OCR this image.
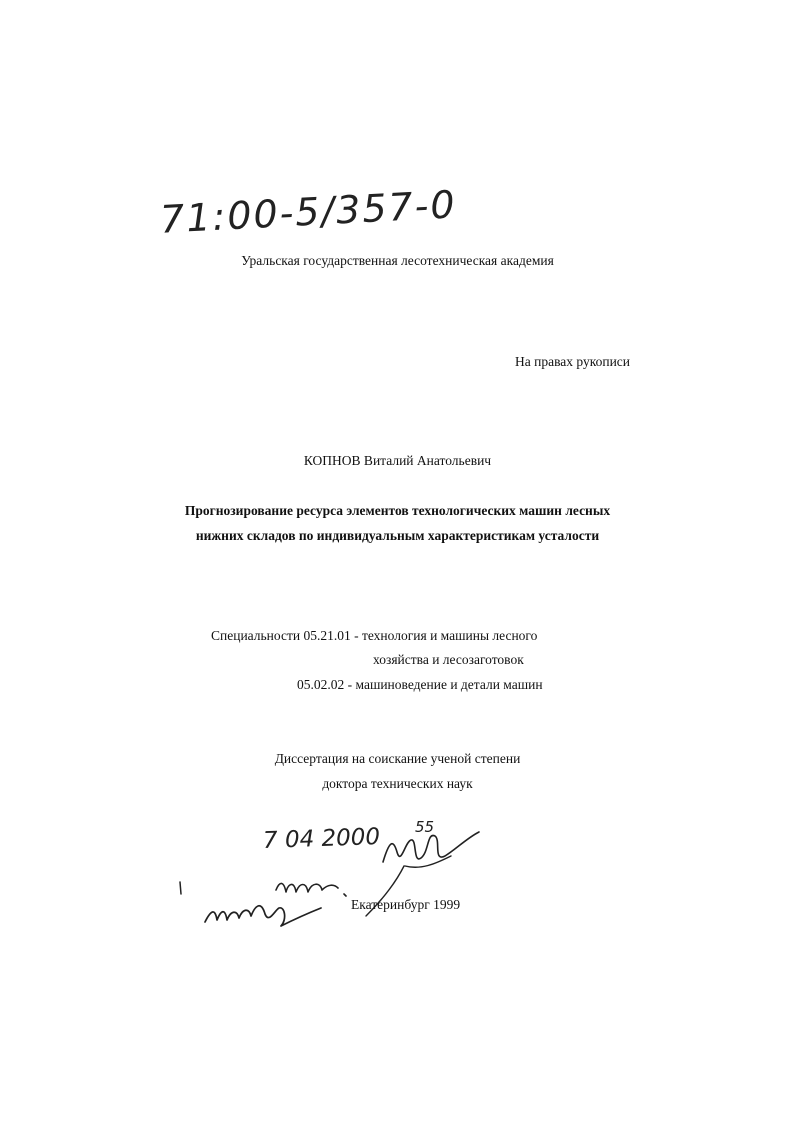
71:00-5/357-0
Уральская государственная лесотехническая академия
На правах рукописи
КОПНОВ Виталий Анатольевич
Прогнозирование ресурса элементов технологических машин лесных
нижних складов по индивидуальным характеристикам усталости
Специальности 05.21.01 - технология и машины лесного
хозяйства и лесозаготовок
05.02.02 - машиноведение и детали машин
Диссертация на соискание ученой степени
доктора технических наук
7 04 2000 55
Екатеринбург 1999
